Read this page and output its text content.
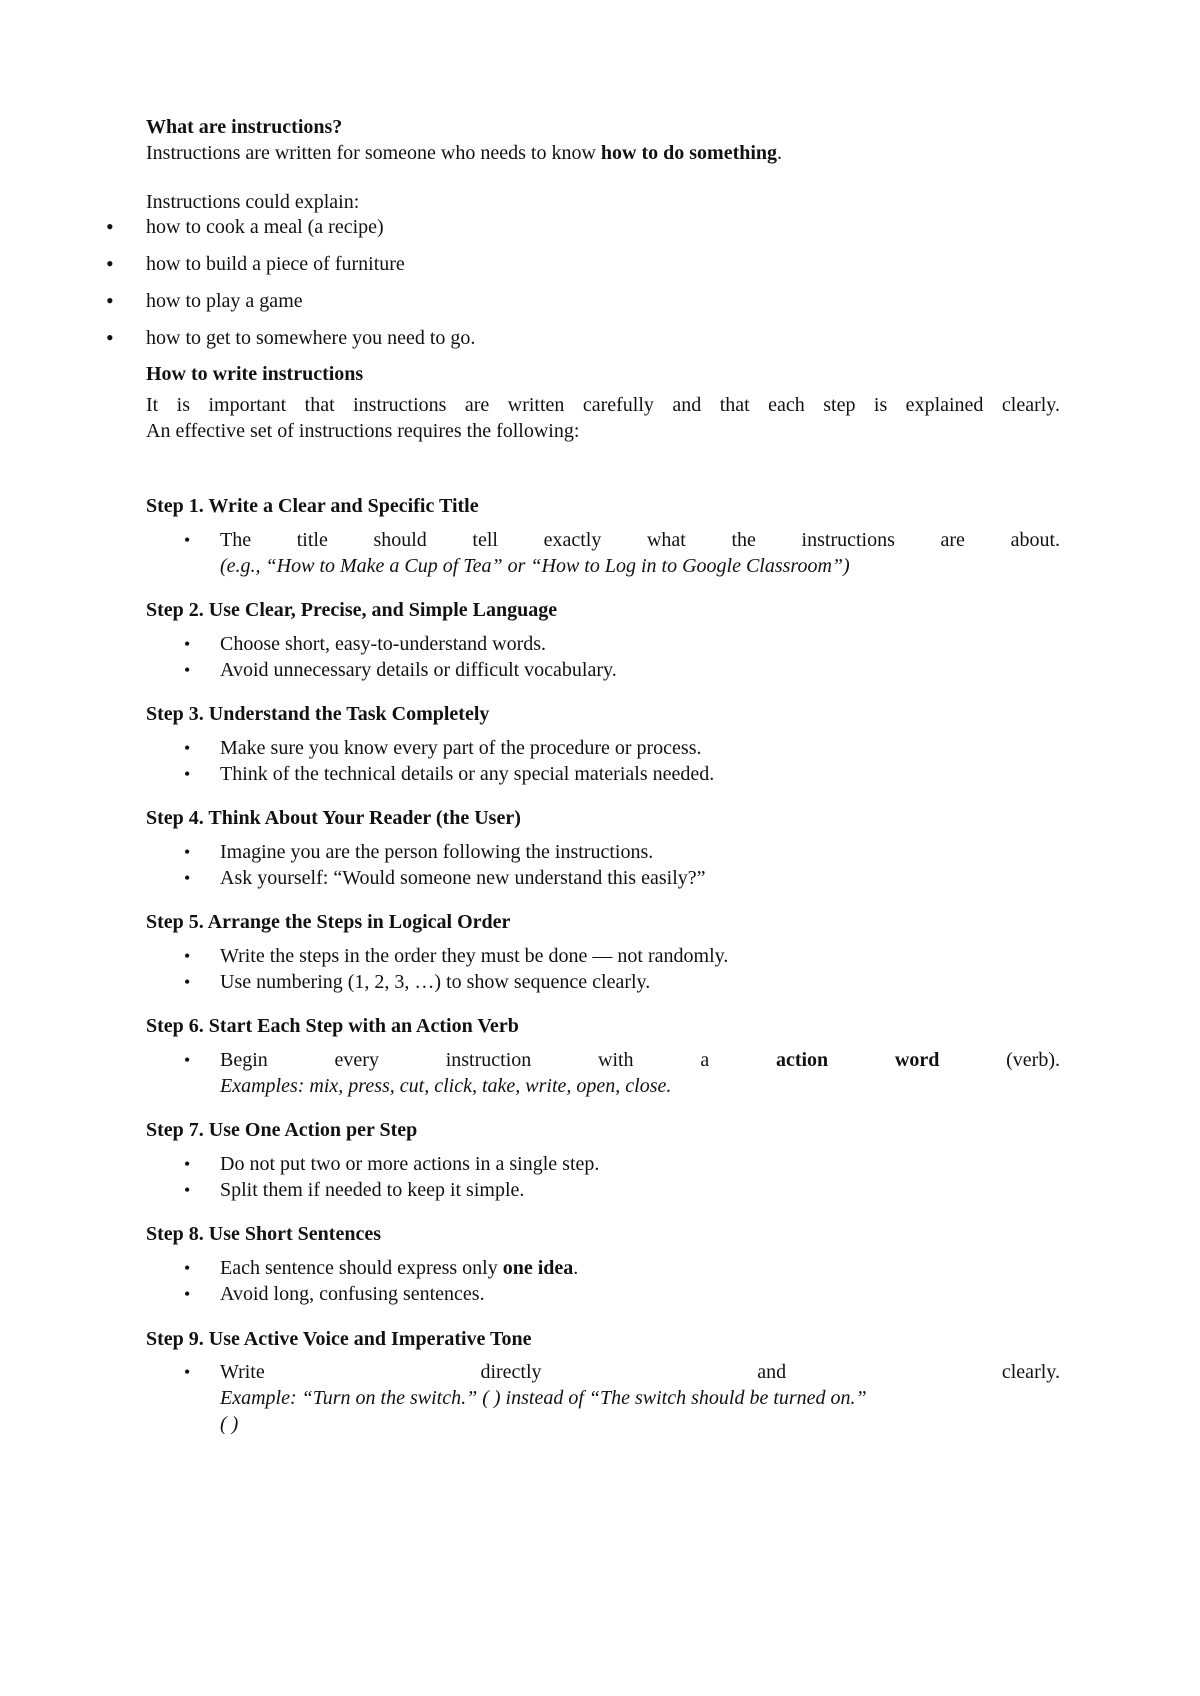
What are instructions?
Instructions are written for someone who needs to know how to do something.
Instructions could explain:
• how to cook a meal (a recipe)
• how to build a piece of furniture
• how to play a game
• how to get to somewhere you need to go.
How to write instructions
It is important that instructions are written carefully and that each step is explained clearly.
An effective set of instructions requires the following:
Step 1. Write a Clear and Specific Title
• The title should tell exactly what the instructions are about.
(e.g., “How to Make a Cup of Tea” or “How to Log in to Google Classroom”)
Step 2. Use Clear, Precise, and Simple Language
• Choose short, easy-to-understand words.
• Avoid unnecessary details or difficult vocabulary.
Step 3. Understand the Task Completely
• Make sure you know every part of the procedure or process.
• Think of the technical details or any special materials needed.
Step 4. Think About Your Reader (the User)
• Imagine you are the person following the instructions.
• Ask yourself: “Would someone new understand this easily?”
Step 5. Arrange the Steps in Logical Order
• Write the steps in the order they must be done — not randomly.
• Use numbering (1, 2, 3, …) to show sequence clearly.
Step 6. Start Each Step with an Action Verb
• Begin	every	instruction	with	a	action	word	(verb).
Examples: mix, press, cut, click, take, write, open, close.
Step 7. Use One Action per Step
• Do not put two or more actions in a single step.
• Split them if needed to keep it simple.
Step 8. Use Short Sentences
• Each sentence should express only one idea.
• Avoid long, confusing sentences.
Step 9. Use Active Voice and Imperative Tone
• Write	directly	and	clearly.
Example: “Turn on the switch.” ( ) instead of “The switch should be turned on.”
( )
